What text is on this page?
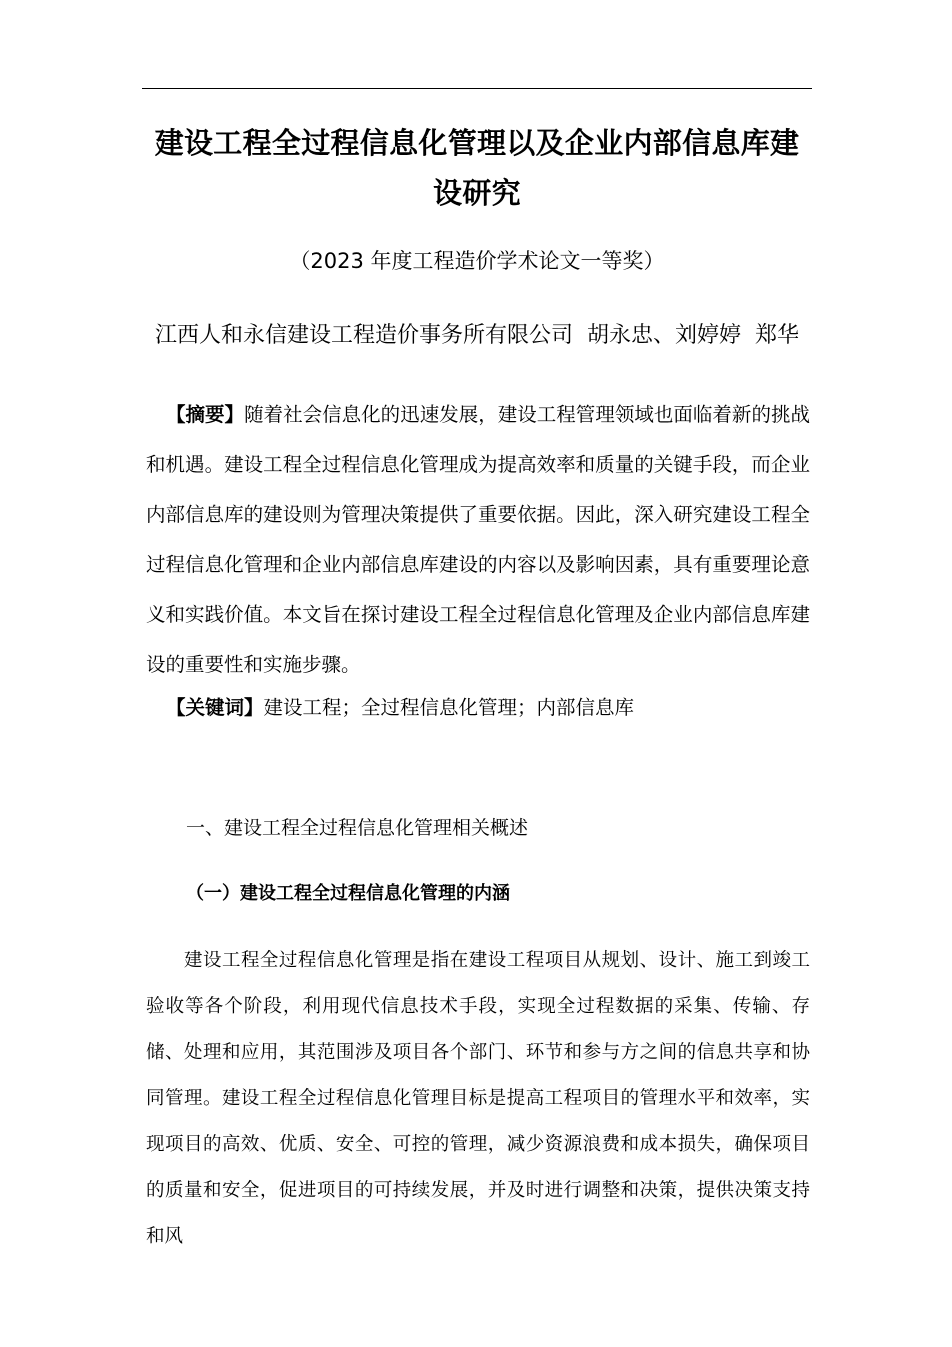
建设工程全过程信息化管理以及企业内部信息库建设研究
（2023 年度工程造价学术论文一等奖）
江西人和永信建设工程造价事务所有限公司  胡永忠、刘婷婷  郑华
【摘要】随着社会信息化的迅速发展，建设工程管理领域也面临着新的挑战和机遇。建设工程全过程信息化管理成为提高效率和质量的关键手段，而企业内部信息库的建设则为管理决策提供了重要依据。因此，深入研究建设工程全过程信息化管理和企业内部信息库建设的内容以及影响因素，具有重要理论意义和实践价值。本文旨在探讨建设工程全过程信息化管理及企业内部信息库建设的重要性和实施步骤。
【关键词】建设工程；全过程信息化管理；内部信息库
一、建设工程全过程信息化管理相关概述
（一）建设工程全过程信息化管理的内涵
建设工程全过程信息化管理是指在建设工程项目从规划、设计、施工到竣工验收等各个阶段，利用现代信息技术手段，实现全过程数据的采集、传输、存储、处理和应用，其范围涉及项目各个部门、环节和参与方之间的信息共享和协同管理。建设工程全过程信息化管理目标是提高工程项目的管理水平和效率，实现项目的高效、优质、安全、可控的管理，减少资源浪费和成本损失，确保项目的质量和安全，促进项目的可持续发展，并及时进行调整和决策，提供决策支持和风
